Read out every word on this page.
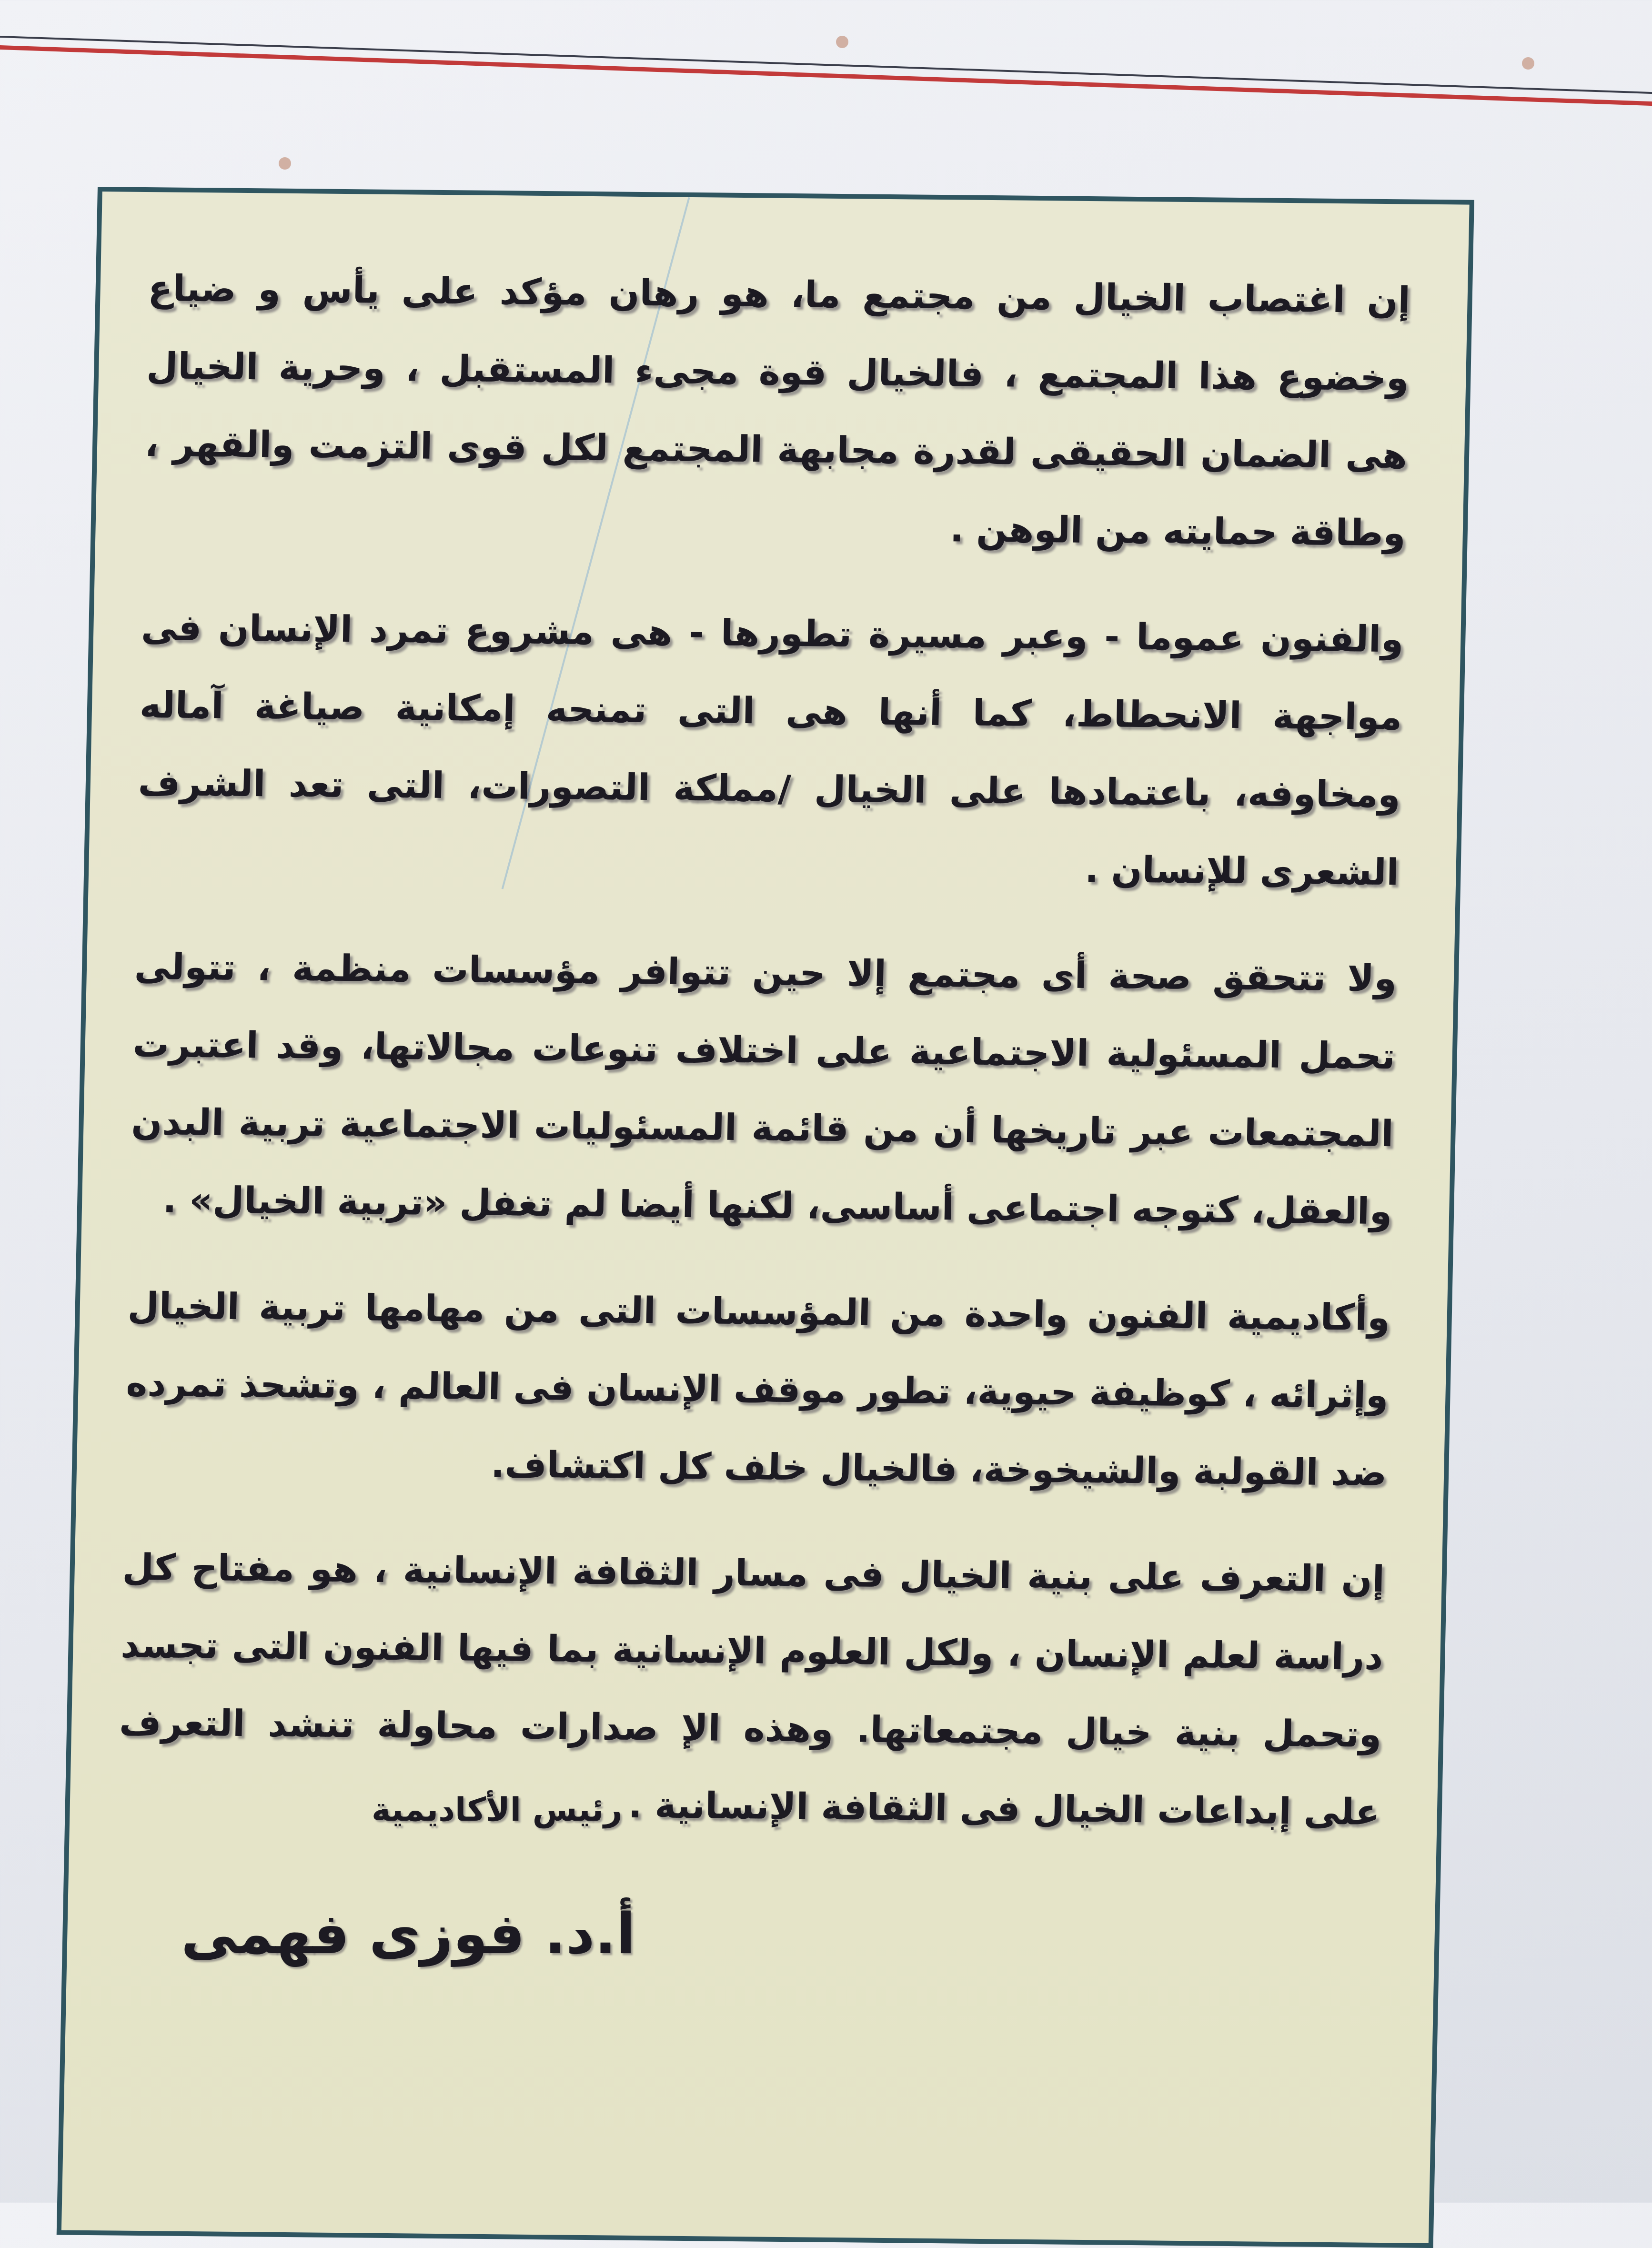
إن اغتصاب الخيال من مجتمع ما، هو رهان مؤكد على يأس و ضياع
وخضوع هذا المجتمع ، فالخيال قوة مجىء المستقبل ، وحرية الخيال
هى الضمان الحقيقى لقدرة مجابهة المجتمع لكل قوى التزمت والقهر ،
وطاقة حمايته من الوهن .
والفنون عموما - وعبر مسيرة تطورها - هى مشروع تمرد الإنسان فى
مواجهة الانحطاط، كما أنها هى التى تمنحه إمكانية صياغة آماله
ومخاوفه، باعتمادها على الخيال /مملكة التصورات، التى تعد الشرف
الشعرى للإنسان .
ولا تتحقق صحة أى مجتمع إلا حين تتوافر مؤسسات منظمة ، تتولى
تحمل المسئولية الاجتماعية على اختلاف تنوعات مجالاتها، وقد اعتبرت
المجتمعات عبر تاريخها أن من قائمة المسئوليات الاجتماعية تربية البدن
والعقل، كتوجه اجتماعى أساسى، لكنها أيضا لم تغفل «تربية الخيال» .
وأكاديمية الفنون واحدة من المؤسسات التى من مهامها تربية الخيال
وإثرائه ، كوظيفة حيوية، تطور موقف الإنسان فى العالم ، وتشحذ تمرده
ضد القولبة والشيخوخة، فالخيال خلف كل اكتشاف.
إن التعرف على بنية الخيال فى مسار الثقافة الإنسانية ، هو مفتاح كل
دراسة لعلم الإنسان ، ولكل العلوم الإنسانية بما فيها الفنون التى تجسد
وتحمل بنية خيال مجتمعاتها. وهذه الإ صدارات محاولة تنشد التعرف
على إبداعات الخيال فى الثقافة الإنسانية .
رئيس الأكاديمية
أ.د. فوزى فهمى
